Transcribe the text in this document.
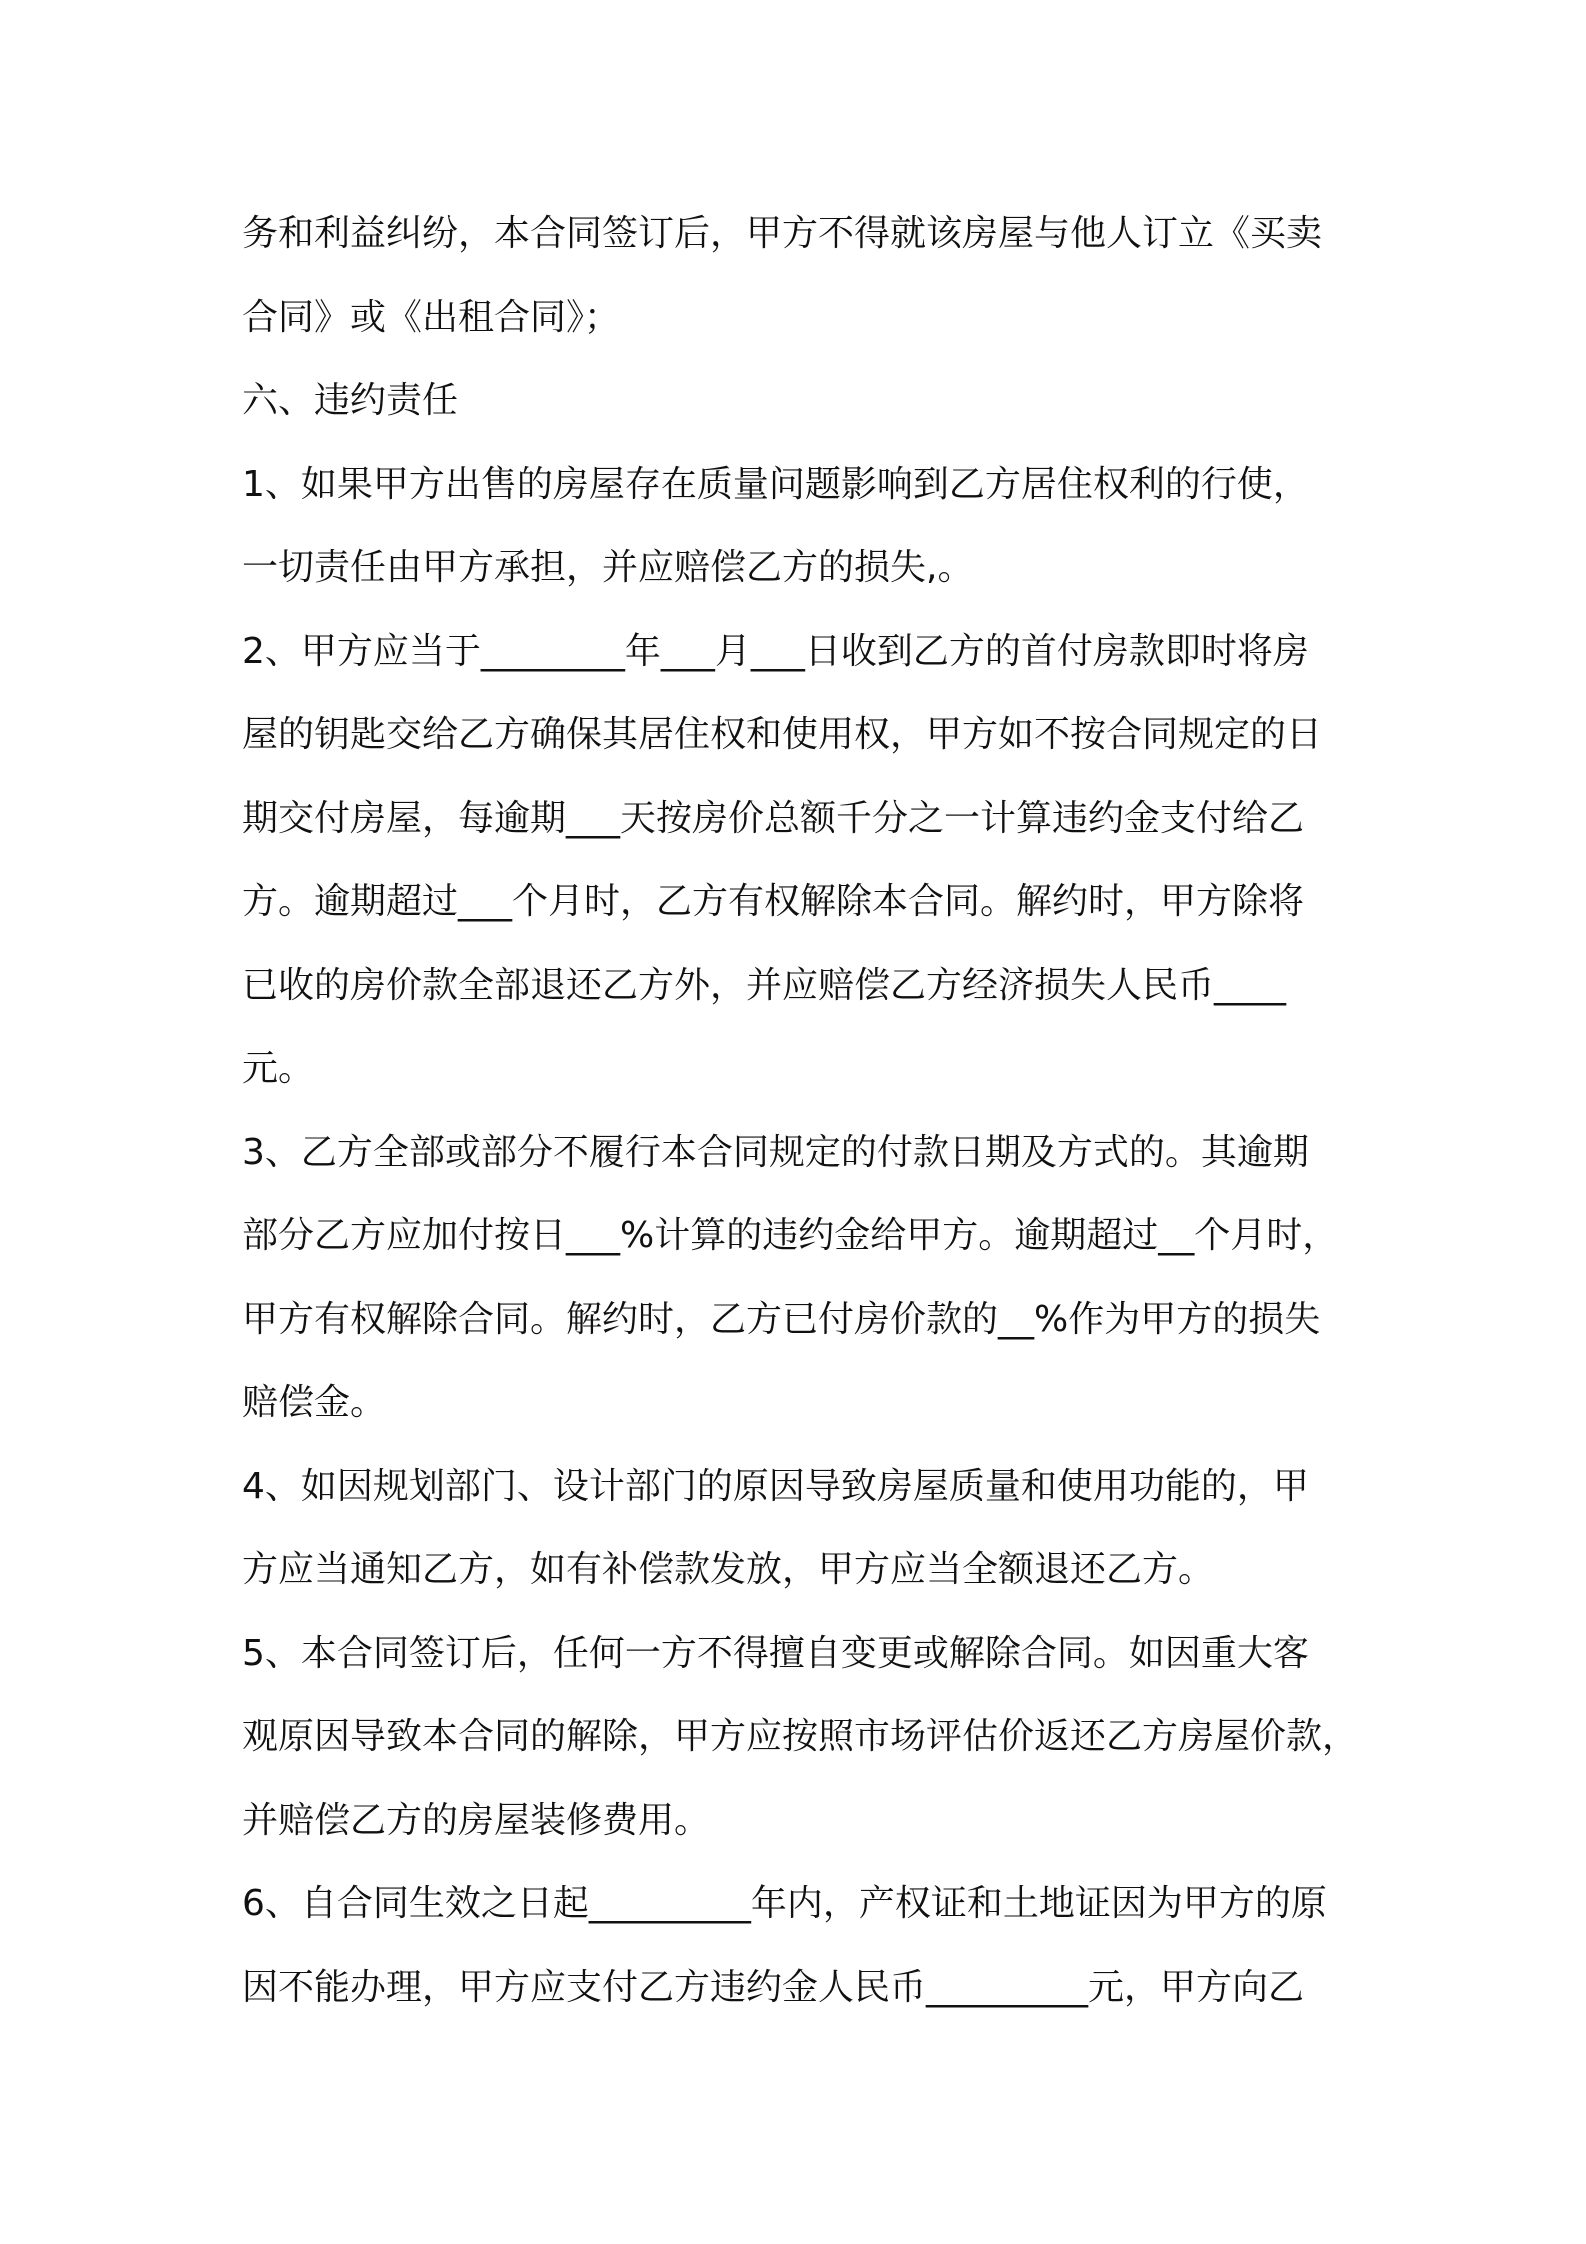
务和利益纠纷，本合同签订后，甲方不得就该房屋与他人订立《买卖
合同》或《出租合同》；
六、违约责任
1、如果甲方出售的房屋存在质量问题影响到乙方居住权利的行使，
一切责任由甲方承担，并应赔偿乙方的损失,。
2、甲方应当于________年___月___日收到乙方的首付房款即时将房
屋的钥匙交给乙方确保其居住权和使用权，甲方如不按合同规定的日
期交付房屋，每逾期___天按房价总额千分之一计算违约金支付给乙
方。逾期超过___个月时，乙方有权解除本合同。解约时，甲方除将
已收的房价款全部退还乙方外，并应赔偿乙方经济损失人民币____
元。
3、乙方全部或部分不履行本合同规定的付款日期及方式的。其逾期
部分乙方应加付按日___%计算的违约金给甲方。逾期超过__个月时，
甲方有权解除合同。解约时，乙方已付房价款的__%作为甲方的损失
赔偿金。
4、如因规划部门、设计部门的原因导致房屋质量和使用功能的，甲
方应当通知乙方，如有补偿款发放，甲方应当全额退还乙方。
5、本合同签订后，任何一方不得擅自变更或解除合同。如因重大客
观原因导致本合同的解除，甲方应按照市场评估价返还乙方房屋价款，
并赔偿乙方的房屋装修费用。
6、自合同生效之日起_________年内，产权证和土地证因为甲方的原
因不能办理，甲方应支付乙方违约金人民币_________元，甲方向乙
